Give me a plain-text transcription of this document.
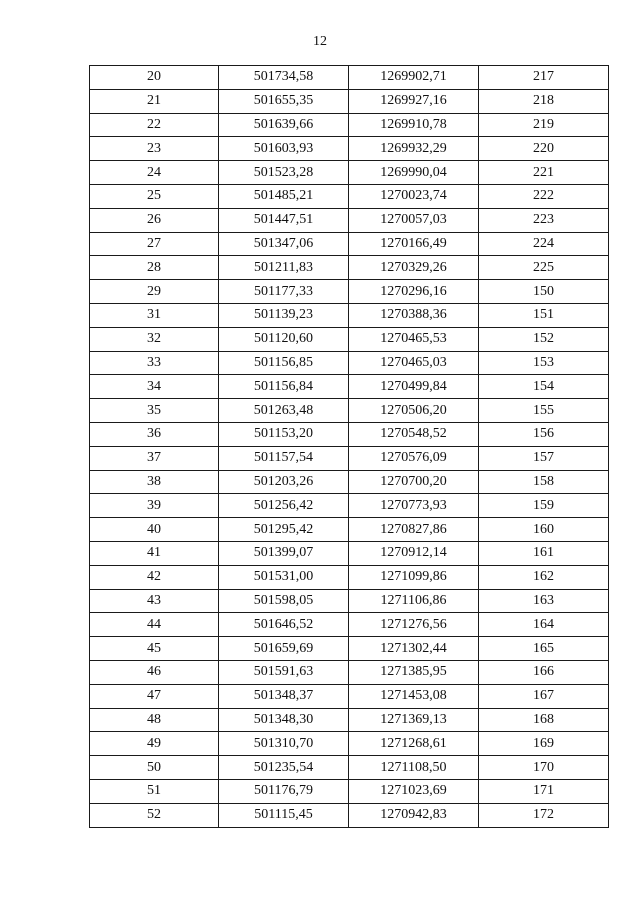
12
20	501734,58	1269902,71	217
21	501655,35	1269927,16	218
22	501639,66	1269910,78	219
23	501603,93	1269932,29	220
24	501523,28	1269990,04	221
25	501485,21	1270023,74	222
26	501447,51	1270057,03	223
27	501347,06	1270166,49	224
28	501211,83	1270329,26	225
29	501177,33	1270296,16	150
31	501139,23	1270388,36	151
32	501120,60	1270465,53	152
33	501156,85	1270465,03	153
34	501156,84	1270499,84	154
35	501263,48	1270506,20	155
36	501153,20	1270548,52	156
37	501157,54	1270576,09	157
38	501203,26	1270700,20	158
39	501256,42	1270773,93	159
40	501295,42	1270827,86	160
41	501399,07	1270912,14	161
42	501531,00	1271099,86	162
43	501598,05	1271106,86	163
44	501646,52	1271276,56	164
45	501659,69	1271302,44	165
46	501591,63	1271385,95	166
47	501348,37	1271453,08	167
48	501348,30	1271369,13	168
49	501310,70	1271268,61	169
50	501235,54	1271108,50	170
51	501176,79	1271023,69	171
52	501115,45	1270942,83	172
